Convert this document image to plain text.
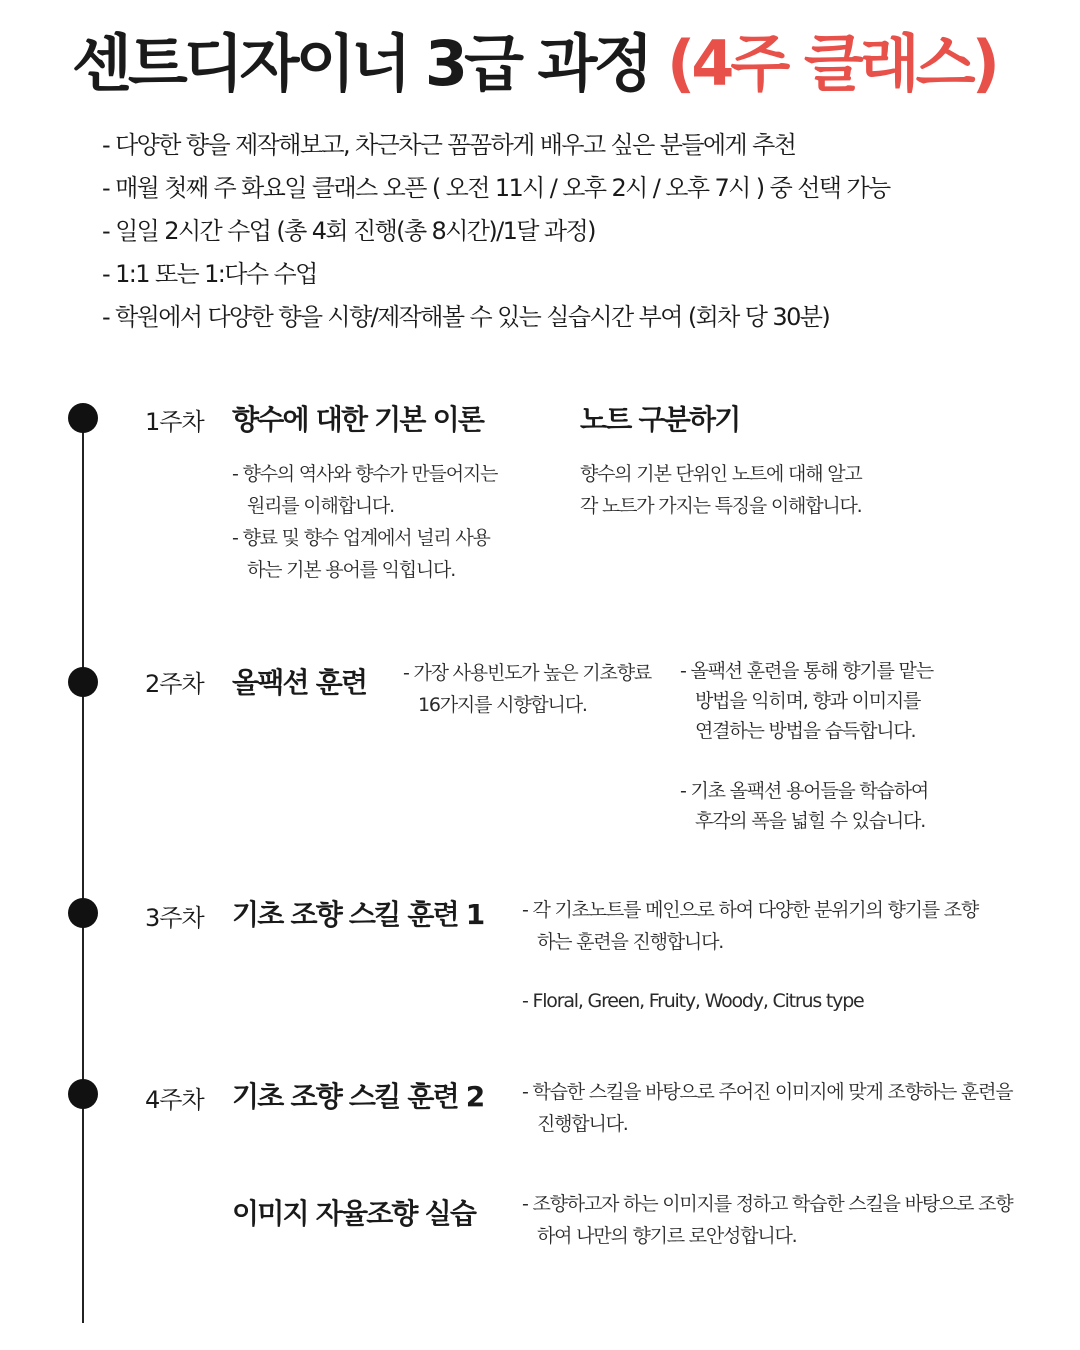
센트디자이너 3급 과정 (4주 클래스)
- 다양한 향을 제작해보고, 차근차근 꼼꼼하게 배우고 싶은 분들에게 추천
- 매월 첫째 주 화요일 클래스 오픈 ( 오전 11시 / 오후 2시 / 오후 7시 ) 중 선택 가능
- 일일 2시간 수업 (총 4회 진행(총 8시간)/1달 과정)
- 1:1 또는 1:다수 수업
- 학원에서 다양한 향을 시향/제작해볼 수 있는 실습시간 부여 (회차 당 30분)
1주차 향수에 대한 기본 이론
- 향수의 역사와 향수가 만들어지는
원리를 이해합니다.
- 향료 및 향수 업계에서 널리 사용
하는 기본 용어를 익힙니다.
노트 구분하기
향수의 기본 단위인 노트에 대해 알고
각 노트가 가지는 특징을 이해합니다.
2주차 올팩션 훈련 - 가장 사용빈도가 높은 기초향료
16가지를 시향합니다.
- 올팩션 훈련을 통해 향기를 맡는
방법을 익히며, 향과 이미지를
연결하는 방법을 습득합니다.
- 기초 올팩션 용어들을 학습하여
후각의 폭을 넓힐 수 있습니다.
3주차 기초 조향 스킬 훈련 1 - 각 기초노트를 메인으로 하여 다양한 분위기의 향기를 조향
하는 훈련을 진행합니다.
- Floral, Green, Fruity, Woody, Citrus type
4주차 기초 조향 스킬 훈련 2 - 학습한 스킬을 바탕으로 주어진 이미지에 맞게 조향하는 훈련을
진행합니다.
이미지 자율조향 실습 - 조향하고자 하는 이미지를 정하고 학습한 스킬을 바탕으로 조향
하여 나만의 향기르 로안성합니다.
